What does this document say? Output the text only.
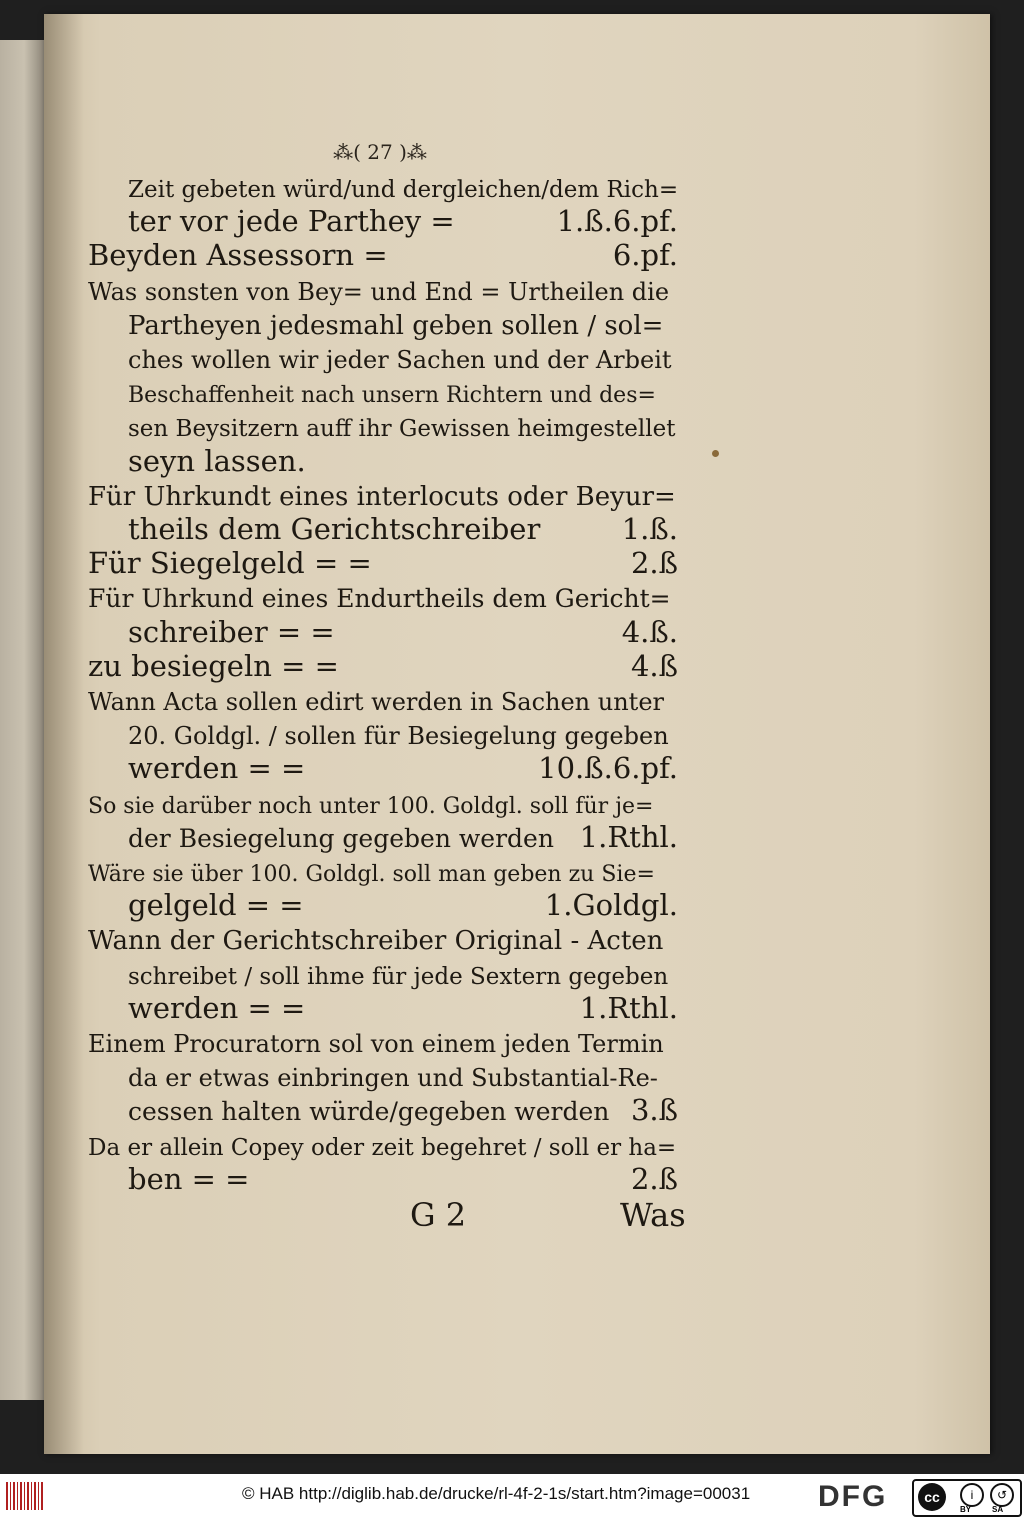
⁂( 27 )⁂
Zeit gebeten würd/und dergleichen/dem Rich=
ter vor jede Parthey =	1.ß.6.pf.
Beyden Assessorn =	6.pf.
Was sonsten von Bey= und End = Urtheilen die
Partheyen jedesmahl geben sollen / sol=
ches wollen wir jeder Sachen und der Arbeit
Beschaffenheit nach unsern Richtern und des=
sen Beysitzern auff ihr Gewissen heimgestellet
seyn lassen.
Für Uhrkundt eines interlocuts oder Beyur=
theils dem Gerichtschreiber	1.ß.
Für Siegelgeld = =	2.ß
Für Uhrkund eines Endurtheils dem Gericht=
schreiber = =	4.ß.
zu besiegeln = =	4.ß
Wann Acta sollen edirt werden in Sachen unter
20. Goldgl. / sollen für Besiegelung gegeben
werden = =	10.ß.6.pf.
So sie darüber noch unter 100. Goldgl. soll für je=
der Besiegelung gegeben werden 1.Rthl.
Wäre sie über 100. Goldgl. soll man geben zu Sie=
gelgeld = =	1.Goldgl.
Wann der Gerichtschreiber Original - Acten
schreibet / soll ihme für jede Sextern gegeben
werden = =	1.Rthl.
Einem Procuratorn sol von einem jeden Termin
da er etwas einbringen und Substantial-Re-
cessen halten würde/gegeben werden 3.ß
Da er allein Copey oder zeit begehret / soll er ha=
ben = =	2.ß
G 2	Was
© HAB http://diglib.hab.de/drucke/rl-4f-2-1s/start.htm?image=00031 DFG	cc	i	↺
BY	SA
